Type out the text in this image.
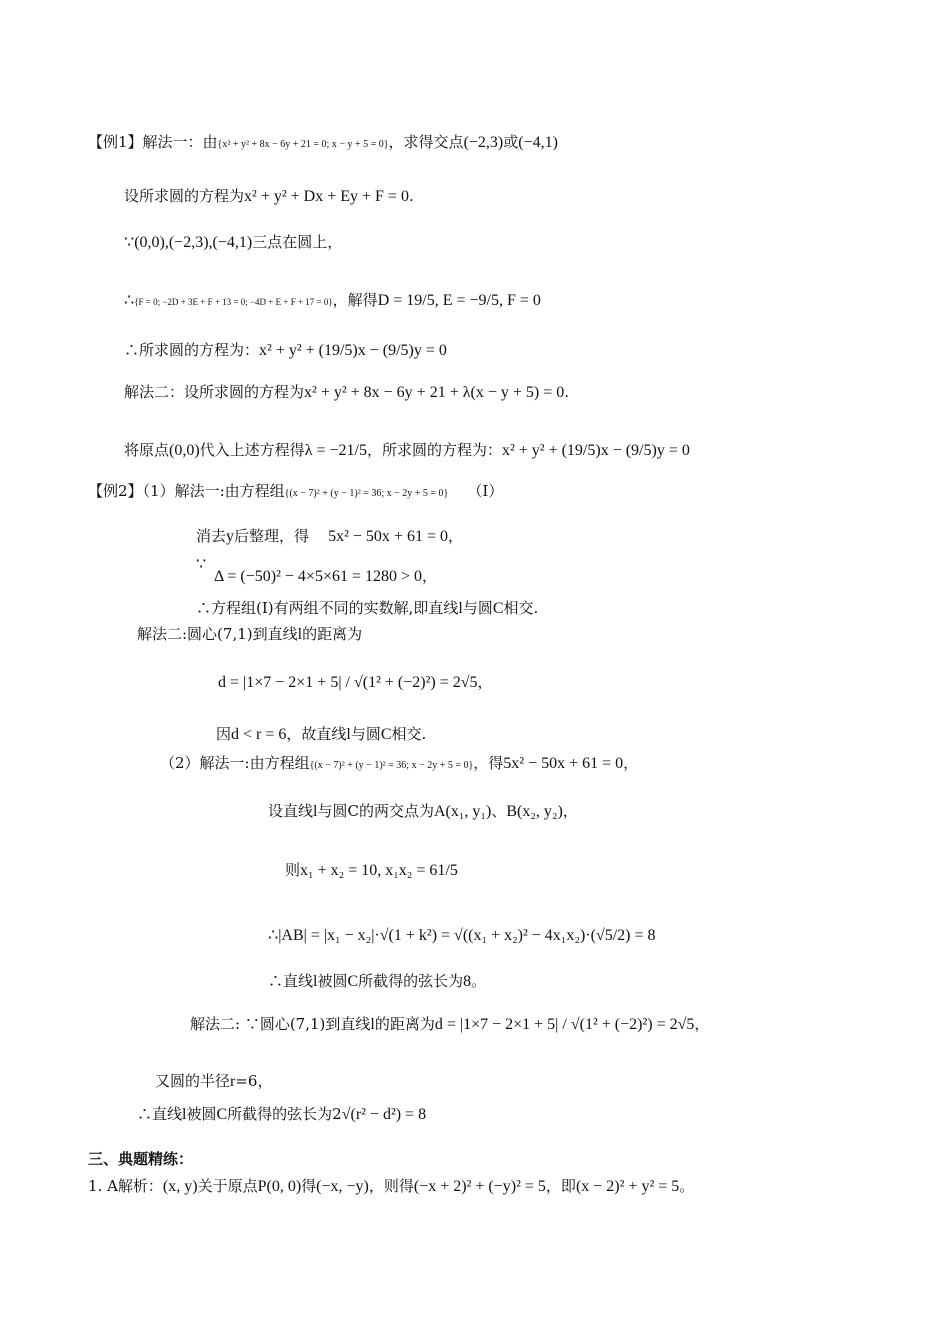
【例1】解法一：由{x² + y² + 8x − 6y + 21 = 0; x − y + 5 = 0}，求得交点(−2,3)或(−4,1)
设所求圆的方程为x² + y² + Dx + Ey + F = 0.
∵(0,0),(−2,3),(−4,1)三点在圆上，
∴{F = 0; −2D + 3E + F + 13 = 0; −4D + E + F + 17 = 0}，解得D = 19/5, E = −9/5, F = 0
∴所求圆的方程为：x² + y² + (19/5)x − (9/5)y = 0
解法二：设所求圆的方程为x² + y² + 8x − 6y + 21 + λ(x − y + 5) = 0.
将原点(0,0)代入上述方程得λ = −21/5，所求圆的方程为：x² + y² + (19/5)x − (9/5)y = 0
【例2】（1）解法一:由方程组{(x − 7)² + (y − 1)² = 36; x − 2y + 5 = 0}    （Ⅰ）
消去y后整理，得    5x² − 50x + 61 = 0，
∵
Δ = (−50)² − 4×5×61 = 1280 > 0，
∴方程组(Ⅰ)有两组不同的实数解,即直线l与圆C相交.
解法二:圆心(7,1)到直线l的距离为
d = |1×7 − 2×1 + 5| / √(1² + (−2)²) = 2√5，
因d < r = 6，故直线l与圆C相交.
（2）解法一:由方程组{(x − 7)² + (y − 1)² = 36; x − 2y + 5 = 0}，得5x² − 50x + 61 = 0，
设直线l与圆C的两交点为A(x₁, y₁)、B(x₂, y₂)，
则x₁ + x₂ = 10, x₁x₂ = 61/5
∴|AB| = |x₁ − x₂|·√(1 + k²) = √((x₁ + x₂)² − 4x₁x₂)·(√5/2) = 8
∴直线l被圆C所截得的弦长为8。
解法二: ∵圆心(7,1)到直线l的距离为d = |1×7 − 2×1 + 5| / √(1² + (−2)²) = 2√5，
又圆的半径r=6，
∴直线l被圆C所截得的弦长为2√(r² − d²) = 8
三、典题精练：
1. A解析：(x, y)关于原点P(0, 0)得(−x, −y)，则得(−x + 2)² + (−y)² = 5，即(x − 2)² + y² = 5。
